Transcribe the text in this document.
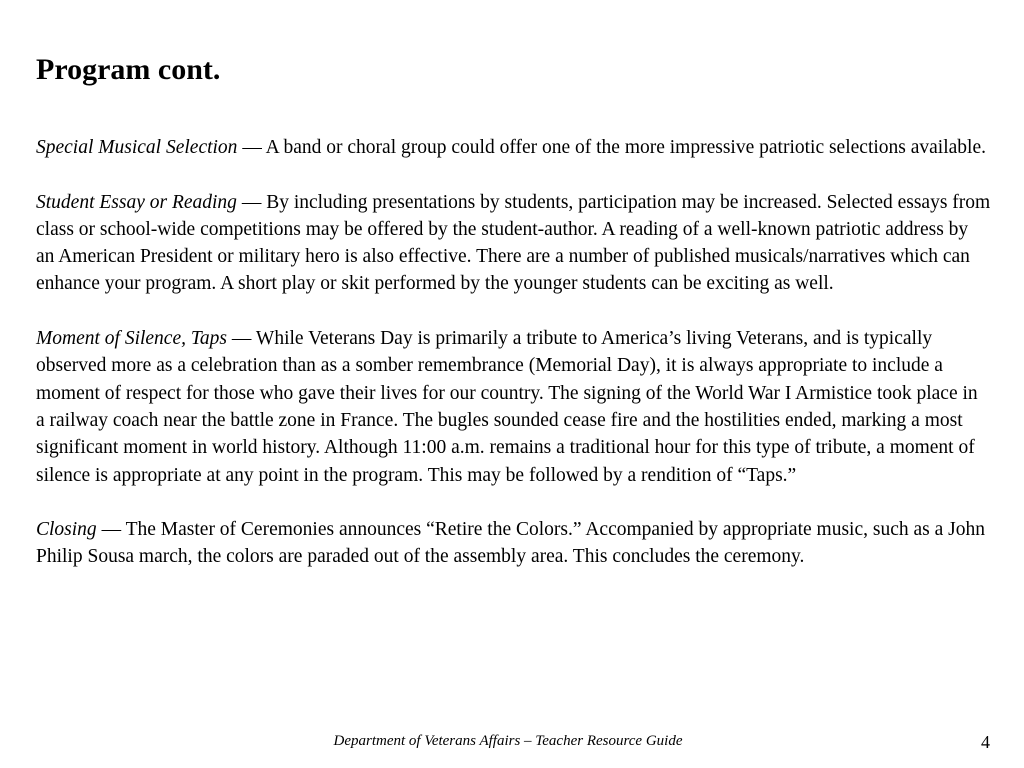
Program cont.

Special Musical Selection — A band or choral group could offer one of the more impressive patriotic selections available.

Student Essay or Reading — By including presentations by students, participation may be increased. Selected essays from class or school-wide competitions may be offered by the student-author. A reading of a well-known patriotic address by an American President or military hero is also effective. There are a number of published musicals/narratives which can enhance your program. A short play or skit performed by the younger students can be exciting as well.

Moment of Silence, Taps — While Veterans Day is primarily a tribute to America’s living Veterans, and is typically observed more as a celebration than as a somber remembrance (Memorial Day), it is always appropriate to include a moment of respect for those who gave their lives for our country. The signing of the World War I Armistice took place in a railway coach near the battle zone in France. The bugles sounded cease fire and the hostilities ended, marking a most significant moment in world history. Although 11:00 a.m. remains a traditional hour for this type of tribute, a moment of silence is appropriate at any point in the program. This may be followed by a rendition of “Taps.”

Closing — The Master of Ceremonies announces “Retire the Colors.” Accompanied by appropriate music, such as a John Philip Sousa march, the colors are paraded out of the assembly area. This concludes the ceremony.

Department of Veterans Affairs – Teacher Resource Guide	4
